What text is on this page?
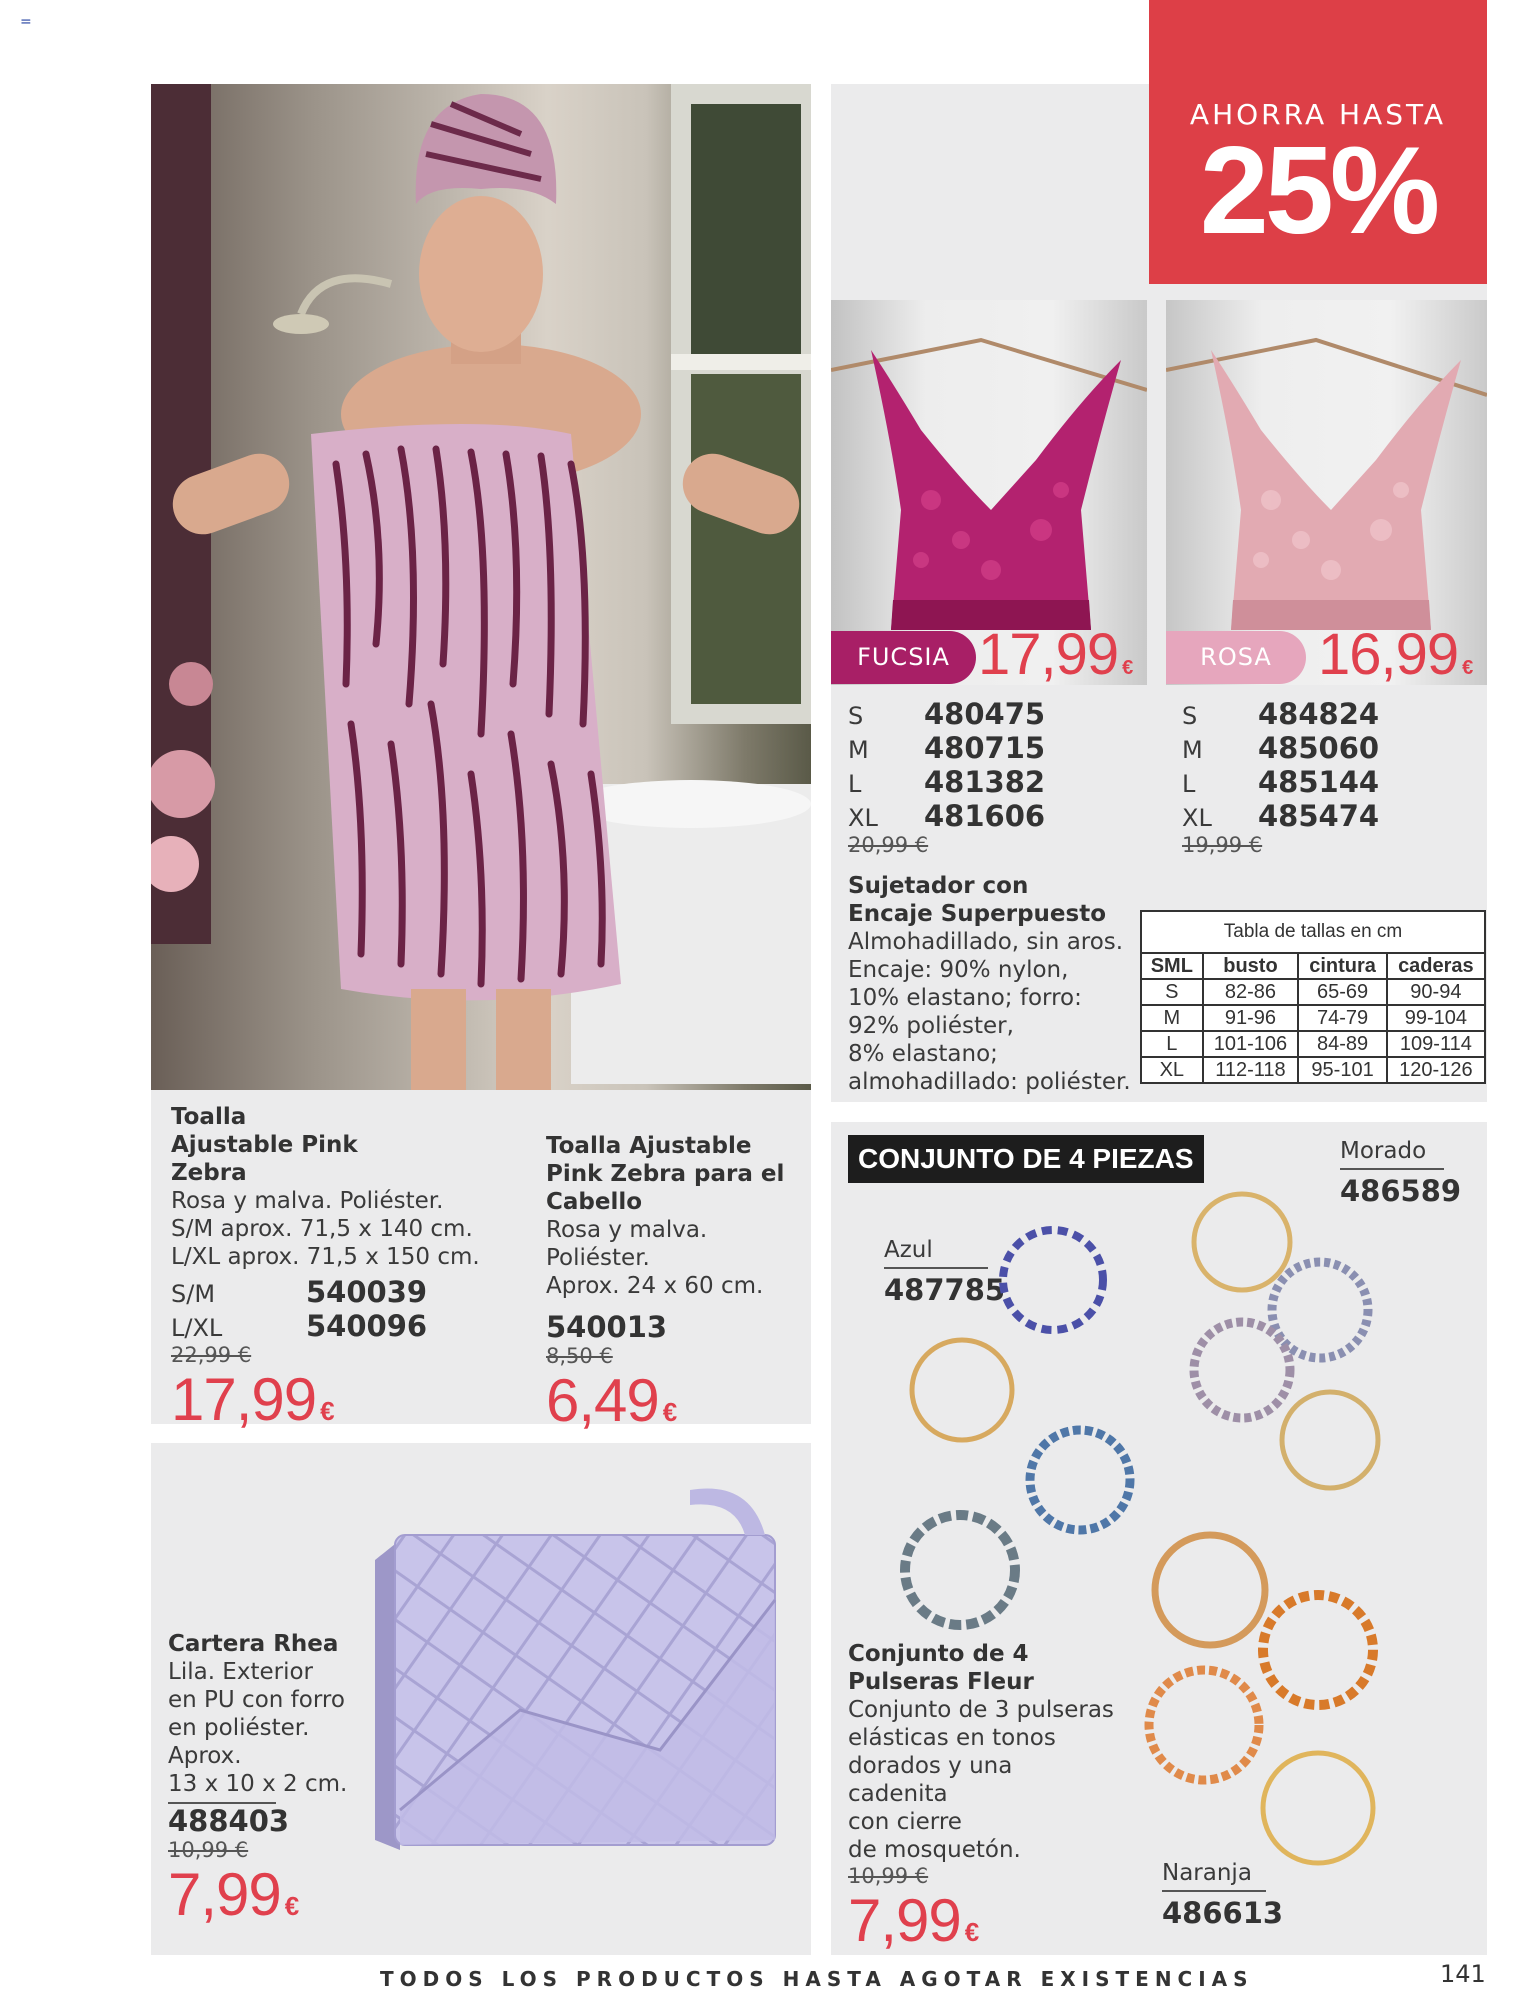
=
Toalla Ajustable Pink Zebra
Rosa y malva. Poliéster.
S/M aprox. 71,5 x 140 cm.
L/XL aprox. 71,5 x 150 cm.
S/M	540039
L/XL	540096
22,99 €
17,99 €
Toalla Ajustable Pink Zebra para el Cabello
Rosa y malva.
Poliéster.
Aprox. 24 x 60 cm.
540013
8,50 €
6,49 €
Cartera Rhea
Lila. Exterior
en PU con forro
en poliéster.
Aprox.
13 x 10 x 2 cm.
488403
10,99 €
7,99 €
AHORRA HASTA
25%
FUCSIA 17,99 €	ROSA 16,99 €
S	480475
M	480715
L	481382
XL	481606
20,99 €
S	484824
M	485060
L	485144
XL	485474
19,99 €
Sujetador con Encaje Superpuesto
Almohadillado, sin aros.
Encaje: 90% nylon,
10% elastano; forro:
92% poliéster,
8% elastano;
almohadillado: poliéster.
Tabla de tallas en cm			
SML	busto	cintura	caderas
S	82-86	65-69	90-94
M	91-96	74-79	99-104
L	101-106	84-89	109-114
XL	112-118	95-101	120-126
CONJUNTO DE 4 PIEZAS	Morado
486589
Azul
487785
Naranja
486613
Conjunto de 4 Pulseras Fleur
Conjunto de 3 pulseras
elásticas en tonos
dorados y una cadenita
con cierre
de mosquetón.
10,99 €
7,99 €
TODOS LOS PRODUCTOS HASTA AGOTAR EXISTENCIAS	141
